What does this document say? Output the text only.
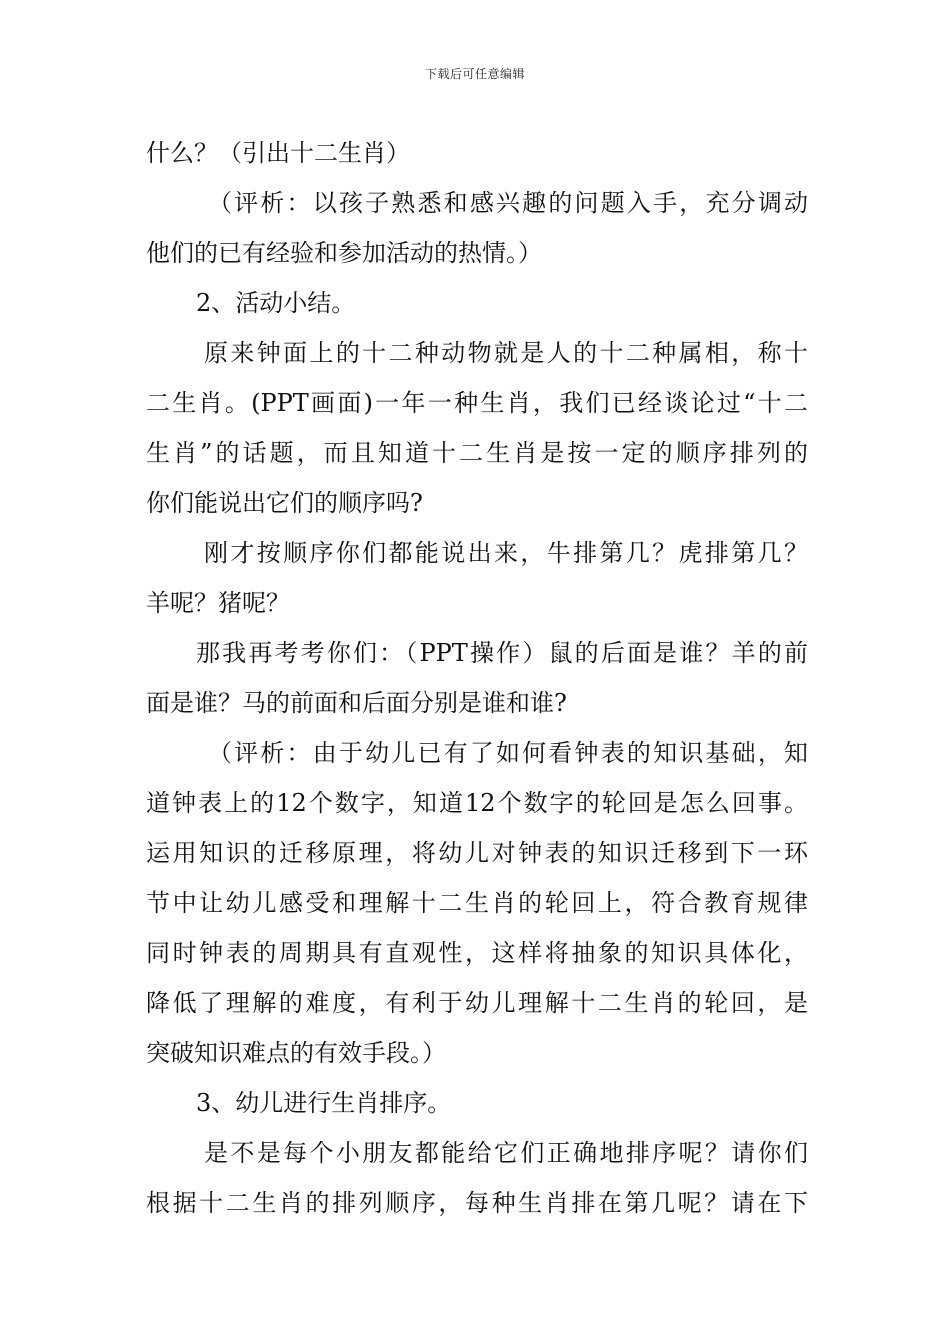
下载后可任意编辑
什么？（引出十二生肖）
（评析：以孩子熟悉和感兴趣的问题入手，充分调动
他们的已有经验和参加活动的热情。）
2、活动小结。
原来钟面上的十二种动物就是人的十二种属相，称十
二生肖。(PPT画面)一年一种生肖，我们已经谈论过“十二
生肖”的话题，而且知道十二生肖是按一定的顺序排列的
你们能说出它们的顺序吗?
刚才按顺序你们都能说出来，牛排第几？虎排第几？
羊呢？猪呢？
那我再考考你们：（PPT操作）鼠的后面是谁？羊的前
面是谁？马的前面和后面分别是谁和谁?
（评析：由于幼儿已有了如何看钟表的知识基础，知
道钟表上的12个数字，知道12个数字的轮回是怎么回事。
运用知识的迁移原理，将幼儿对钟表的知识迁移到下一环
节中让幼儿感受和理解十二生肖的轮回上，符合教育规律
同时钟表的周期具有直观性，这样将抽象的知识具体化，
降低了理解的难度，有利于幼儿理解十二生肖的轮回，是
突破知识难点的有效手段。）
3、幼儿进行生肖排序。
是不是每个小朋友都能给它们正确地排序呢？请你们
根据十二生肖的排列顺序，每种生肖排在第几呢？请在下
